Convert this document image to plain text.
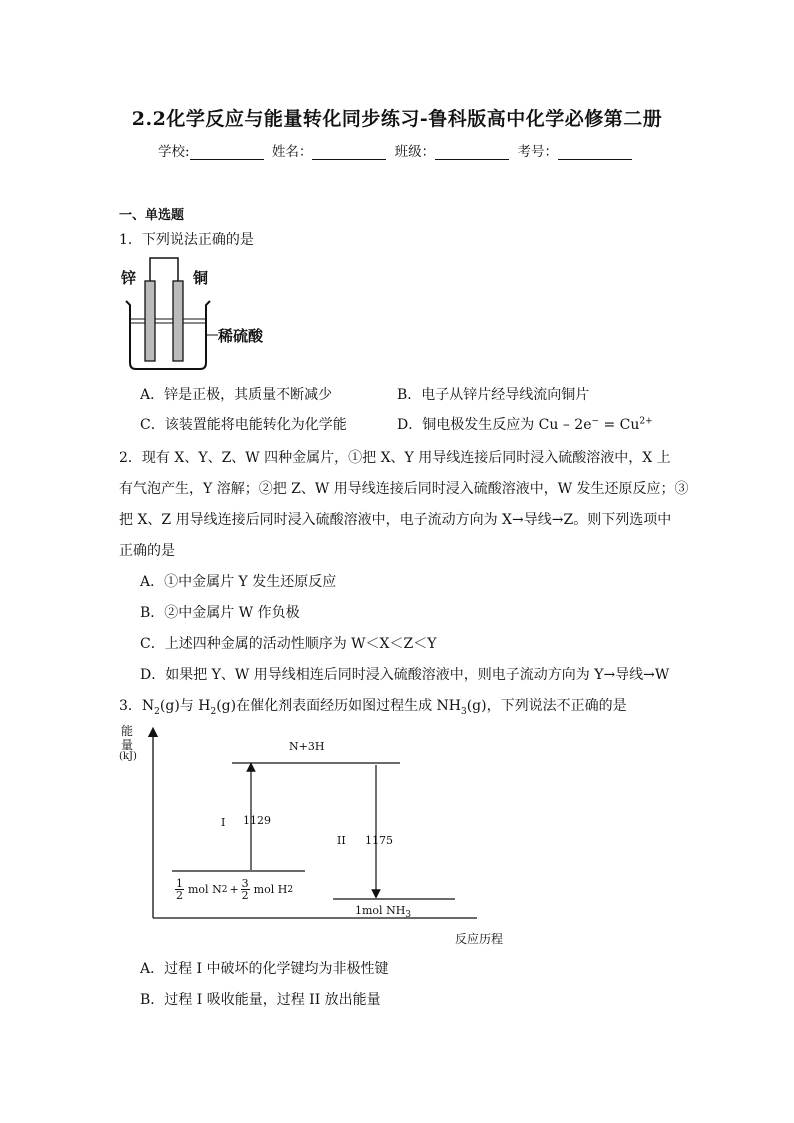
2.2化学反应与能量转化同步练习-鲁科版高中化学必修第二册
学校:	姓名：	班级：	考号：
一、单选题
1．下列说法正确的是
锌	铜
稀硫酸
A．锌是正极，其质量不断减少	B．电子从锌片经导线流向铜片
C．该装置能将电能转化为化学能	D．铜电极发生反应为 $Cu - 2e^- = Cu^{2+}$
2．现有 X、Y、Z、W 四种金属片，①把 X、Y 用导线连接后同时浸入硫酸溶液中，X 上
有气泡产生，Y 溶解；②把 Z、W 用导线连接后同时浸入硫酸溶液中，W 发生还原反应；③
把 X、Z 用导线连接后同时浸入硫酸溶液中，电子流动方向为 X→导线→Z。则下列选项中
正确的是
A．①中金属片 Y 发生还原反应
B．②中金属片 W 作负极
C．上述四种金属的活动性顺序为 W＜X＜Z＜Y
D．如果把 Y、W 用导线相连后同时浸入硫酸溶液中，则电子流动方向为 Y→导线→W
3．$N_2(g)$与 $H_2(g)$在催化剂表面经历如图过程生成 $NH_3(g)$，下列说法不正确的是
能
量
(kJ)
反应历程
N+3H
I 1129
II 1175
$\frac{1}{2}$ mol N $2 + \frac{3}{2}$ mol H 2
1mol $NH_3$
A．过程 I 中破坏的化学键均为非极性键
B．过程 I 吸收能量，过程 II 放出能量
